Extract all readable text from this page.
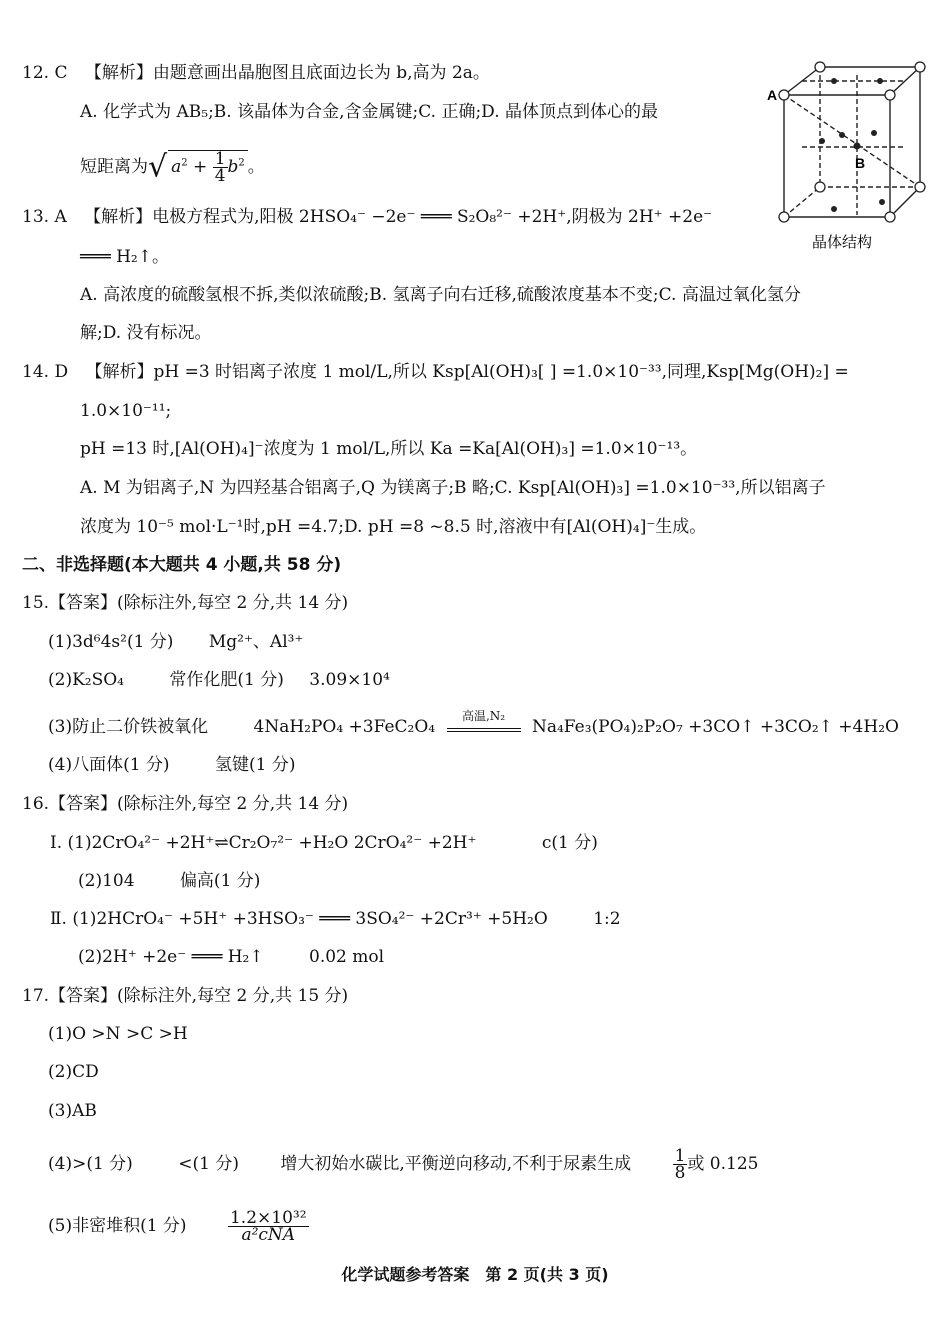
12. C 【解析】由题意画出晶胞图且底面边长为 b,高为 2a。
A. 化学式为 AB₅;B. 该晶体为合金,含金属键;C. 正确;D. 晶体顶点到体心的最
短距离为√ $a^2 + \frac{1}{4} b^2$ 。
A
B
晶体结构
13. A 【解析】电极方程式为,阳极 2HSO₄⁻ −2e⁻ ═══ S₂O₈²⁻ +2H⁺,阴极为 2H⁺ +2e⁻
═══ H₂↑。
A. 高浓度的硫酸氢根不拆,类似浓硫酸;B. 氢离子向右迁移,硫酸浓度基本不变;C. 高温过氧化氢分
解;D. 没有标况。
14. D 【解析】pH =3 时铝离子浓度 1 mol/L,所以 Ksp[Al(OH)₃[ ] =1.0×10⁻³³,同理,Ksp[Mg(OH)₂] =
1.0×10⁻¹¹;
pH =13 时,[Al(OH)₄]⁻浓度为 1 mol/L,所以 Ka =Ka[Al(OH)₃] =1.0×10⁻¹³。
A. M 为铝离子,N 为四羟基合铝离子,Q 为镁离子;B 略;C. Ksp[Al(OH)₃] =1.0×10⁻³³,所以铝离子
浓度为 10⁻⁵ mol·L⁻¹时,pH =4.7;D. pH =8 ~8.5 时,溶液中有[Al(OH)₄]⁻生成。
二、非选择题(本大题共 4 小题,共 58 分)
15.【答案】(除标注外,每空 2 分,共 14 分)
(1)3d⁶4s²(1 分) Mg²⁺、Al³⁺
(2)K₂SO₄	常作化肥(1 分) 3.09×10⁴
(3)防止二价铁被氧化	4NaH₂PO₄ +3FeC₂O₄
高温,N₂
Na₄Fe₃(PO₄)₂P₂O₇ +3CO↑ +3CO₂↑ +4H₂O
(4)八面体(1 分)	氢键(1 分)
16.【答案】(除标注外,每空 2 分,共 14 分)
Ⅰ. (1)2CrO₄²⁻ +2H⁺⇌Cr₂O₇²⁻ +H₂O 2CrO₄²⁻ +2H⁺	c(1 分)
(2)104	偏高(1 分)
Ⅱ. (1)2HCrO₄⁻ +5H⁺ +3HSO₃⁻ ═══ 3SO₄²⁻ +2Cr³⁺ +5H₂O	1:2
(2)2H⁺ +2e⁻ ═══ H₂↑	0.02 mol
17.【答案】(除标注外,每空 2 分,共 15 分)
(1)O >N >C >H
(2)CD
(3)AB
(4)>(1 分)	<(1 分) 增大初始水碳比,平衡逆向移动,不利于尿素生成 $\frac{1}{8}$ 或 0.125
(5)非密堆积(1 分) $\frac{\text{1.2×10³²}}{\text{a²cNA}}$
化学试题参考答案　第 2 页(共 3 页)
